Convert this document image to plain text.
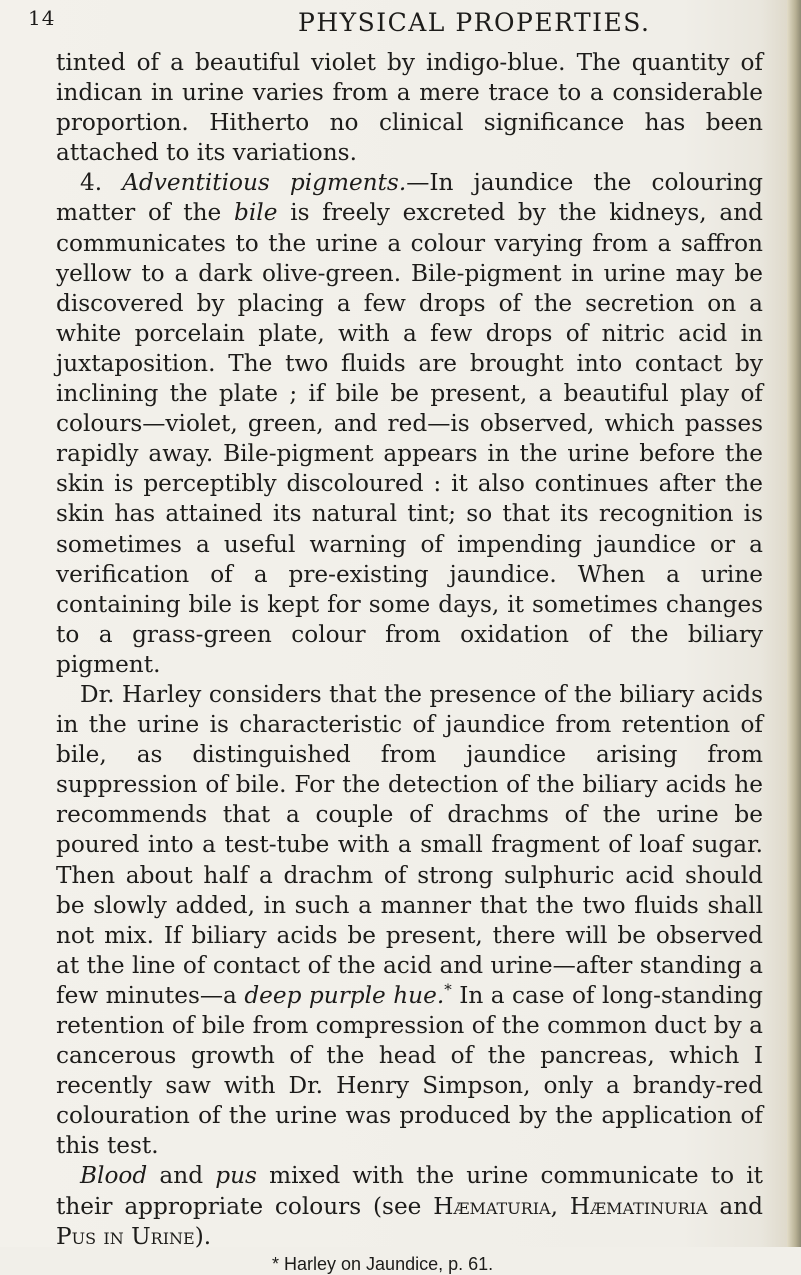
14	PHYSICAL PROPERTIES.

tinted of a beautiful violet by indigo-blue. The quantity of indican in urine varies from a mere trace to a considerable proportion. Hitherto no clinical significance has been attached to its variations.

4. Adventitious pigments.—In jaundice the colouring matter of the bile is freely excreted by the kidneys, and communicates to the urine a colour varying from a saffron yellow to a dark olive-green. Bile-pigment in urine may be discovered by placing a few drops of the secretion on a white porcelain plate, with a few drops of nitric acid in juxtaposition. The two fluids are brought into contact by inclining the plate ; if bile be present, a beautiful play of colours—violet, green, and red—is observed, which passes rapidly away. Bile-pigment appears in the urine before the skin is perceptibly discoloured : it also continues after the skin has attained its natural tint; so that its recognition is sometimes a useful warning of impending jaundice or a verification of a pre-existing jaundice. When a urine containing bile is kept for some days, it sometimes changes to a grass-green colour from oxidation of the biliary pigment.

Dr. Harley considers that the presence of the biliary acids in the urine is characteristic of jaundice from retention of bile, as distinguished from jaundice arising from suppression of bile. For the detection of the biliary acids he recommends that a couple of drachms of the urine be poured into a test-tube with a small fragment of loaf sugar. Then about half a drachm of strong sulphuric acid should be slowly added, in such a manner that the two fluids shall not mix. If biliary acids be present, there will be observed at the line of contact of the acid and urine—after standing a few minutes—a deep purple hue.* In a case of long-standing retention of bile from compression of the common duct by a cancerous growth of the head of the pancreas, which I recently saw with Dr. Henry Simpson, only a brandy-red colouration of the urine was produced by the application of this test.

Blood and pus mixed with the urine communicate to it their appropriate colours (see Hæmaturia, Hæmatinuria and Pus in Urine).

* Harley on Jaundice, p. 61.
